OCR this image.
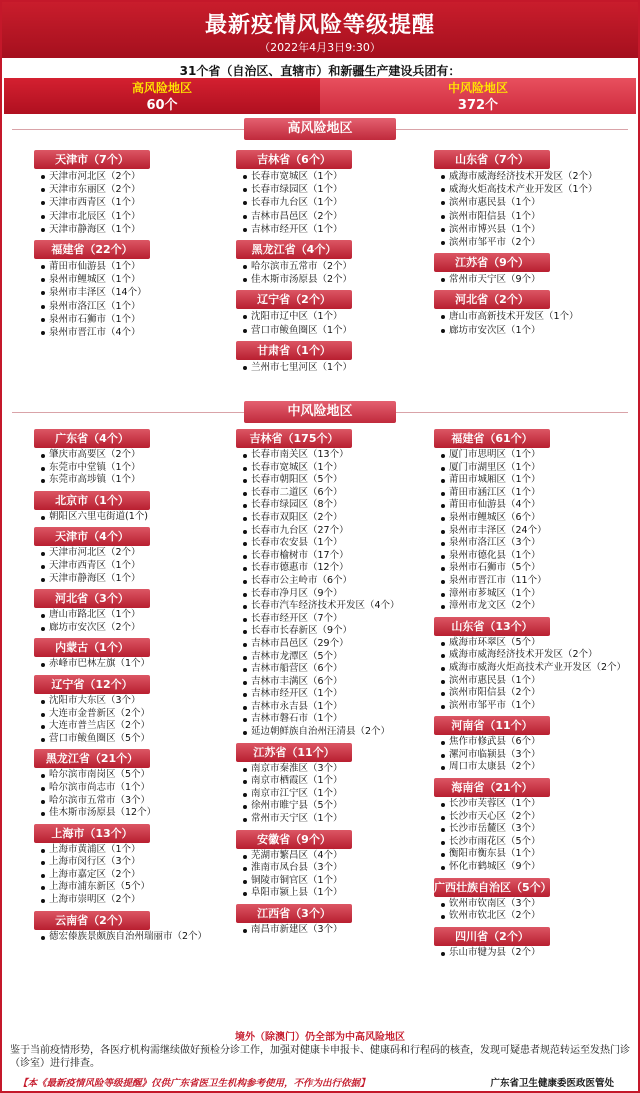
最新疫情风险等级提醒
（2022年4月3日9:30）
31个省（自治区、直辖市）和新疆生产建设兵团有：
高风险地区
60个
中风险地区
372个
高风险地区
天津市（7个）
天津市河北区（2个）
天津市东丽区（2个）
天津市西青区（1个）
天津市北辰区（1个）
天津市静海区（1个）
福建省（22个）
莆田市仙游县（1个）
泉州市鲤城区（1个）
泉州市丰泽区（14个）
泉州市洛江区（1个）
泉州市石狮市（1个）
泉州市晋江市（4个）
吉林省（6个）
长春市宽城区（1个）
长春市绿园区（1个）
长春市九台区（1个）
吉林市昌邑区（2个）
吉林市经开区（1个）
黑龙江省（4个）
哈尔滨市五常市（2个）
佳木斯市汤原县（2个）
辽宁省（2个）
沈阳市辽中区（1个）
营口市鲅鱼圈区（1个）
甘肃省（1个）
兰州市七里河区（1个）
山东省（7个）
威海市威海经济技术开发区（2个）
威海火炬高技术产业开发区（1个）
滨州市惠民县（1个）
滨州市阳信县（1个）
滨州市博兴县（1个）
滨州市邹平市（2个）
江苏省（9个）
常州市天宁区（9个）
河北省（2个）
唐山市高新技术开发区（1个）
廊坊市安次区（1个）
中风险地区
广东省（4个）
肇庆市高要区（2个）
东莞市中堂镇（1个）
东莞市高埗镇（1个）
北京市（1个）
朝阳区六里屯街道(1个)
天津市（4个）
天津市河北区（2个）
天津市西青区（1个）
天津市静海区（1个）
河北省（3个）
唐山市路北区（1个）
廊坊市安次区（2个）
内蒙古（1个）
赤峰市巴林左旗（1个）
辽宁省（12个）
沈阳市大东区（3个）
大连市金普新区（2个）
大连市普兰店区（2个）
营口市鲅鱼圈区（5个）
黑龙江省（21个）
哈尔滨市南岗区（5个）
哈尔滨市尚志市（1个）
哈尔滨市五常市（3个）
佳木斯市汤原县（12个）
上海市（13个）
上海市黄浦区（1个）
上海市闵行区（3个）
上海市嘉定区（2个）
上海市浦东新区（5个）
上海市崇明区（2个）
云南省（2个）
德宏傣族景颇族自治州瑞丽市（2个）
吉林省（175个）
长春市南关区（13个）
长春市宽城区（1个）
长春市朝阳区（5个）
长春市二道区（6个）
长春市绿园区（8个）
长春市双阳区（2个）
长春市九台区（27个）
长春市农安县（1个）
长春市榆树市（17个）
长春市德惠市（12个）
长春市公主岭市（6个）
长春市净月区（9个）
长春市汽车经济技术开发区（4个）
长春市经开区（7个）
长春市长春新区（9个）
吉林市昌邑区（29个）
吉林市龙潭区（5个）
吉林市船营区（6个）
吉林市丰满区（6个）
吉林市经开区（1个）
吉林市永吉县（1个）
吉林市磐石市（1个）
延边朝鲜族自治州汪清县（2个）
江苏省（11个）
南京市秦淮区（3个）
南京市栖霞区（1个）
南京市江宁区（1个）
徐州市睢宁县（5个）
常州市天宁区（1个）
安徽省（9个）
芜湖市繁昌区（4个）
淮南市凤台县（3个）
铜陵市铜官区（1个）
阜阳市颍上县（1个）
江西省（3个）
南昌市新建区（3个）
福建省（61个）
厦门市思明区（1个）
厦门市湖里区（1个）
莆田市城厢区（1个）
莆田市涵江区（1个）
莆田市仙游县（4个）
泉州市鲤城区（6个）
泉州市丰泽区（24个）
泉州市洛江区（3个）
泉州市德化县（1个）
泉州市石狮市（5个）
泉州市晋江市（11个）
漳州市芗城区（1个）
漳州市龙文区（2个）
山东省（13个）
威海市环翠区（5个）
威海市威海经济技术开发区（2个）
威海市威海火炬高技术产业开发区（2个）
滨州市惠民县（1个）
滨州市阳信县（2个）
滨州市邹平市（1个）
河南省（11个）
焦作市修武县（6个）
漯河市临颍县（3个）
周口市太康县（2个）
海南省（21个）
长沙市芙蓉区（1个）
长沙市天心区（2个）
长沙市岳麓区（3个）
长沙市雨花区（5个）
衡阳市衡东县（1个）
怀化市鹤城区（9个）
广西壮族自治区（5个）
钦州市钦南区（3个）
钦州市钦北区（2个）
四川省（2个）
乐山市犍为县（2个）
境外（除澳门）仍全部为中高风险地区
鉴于当前疫情形势，各医疗机构需继续做好预检分诊工作，加强对健康卡申报卡、健康码和行程码的核查，发现可疑患者规范转运至发热门诊（诊室）进行排查。
【本《最新疫情风险等级提醒》仅供广东省医卫生机构参考使用，不作为出行依据】	广东省卫生健康委医政医管处
